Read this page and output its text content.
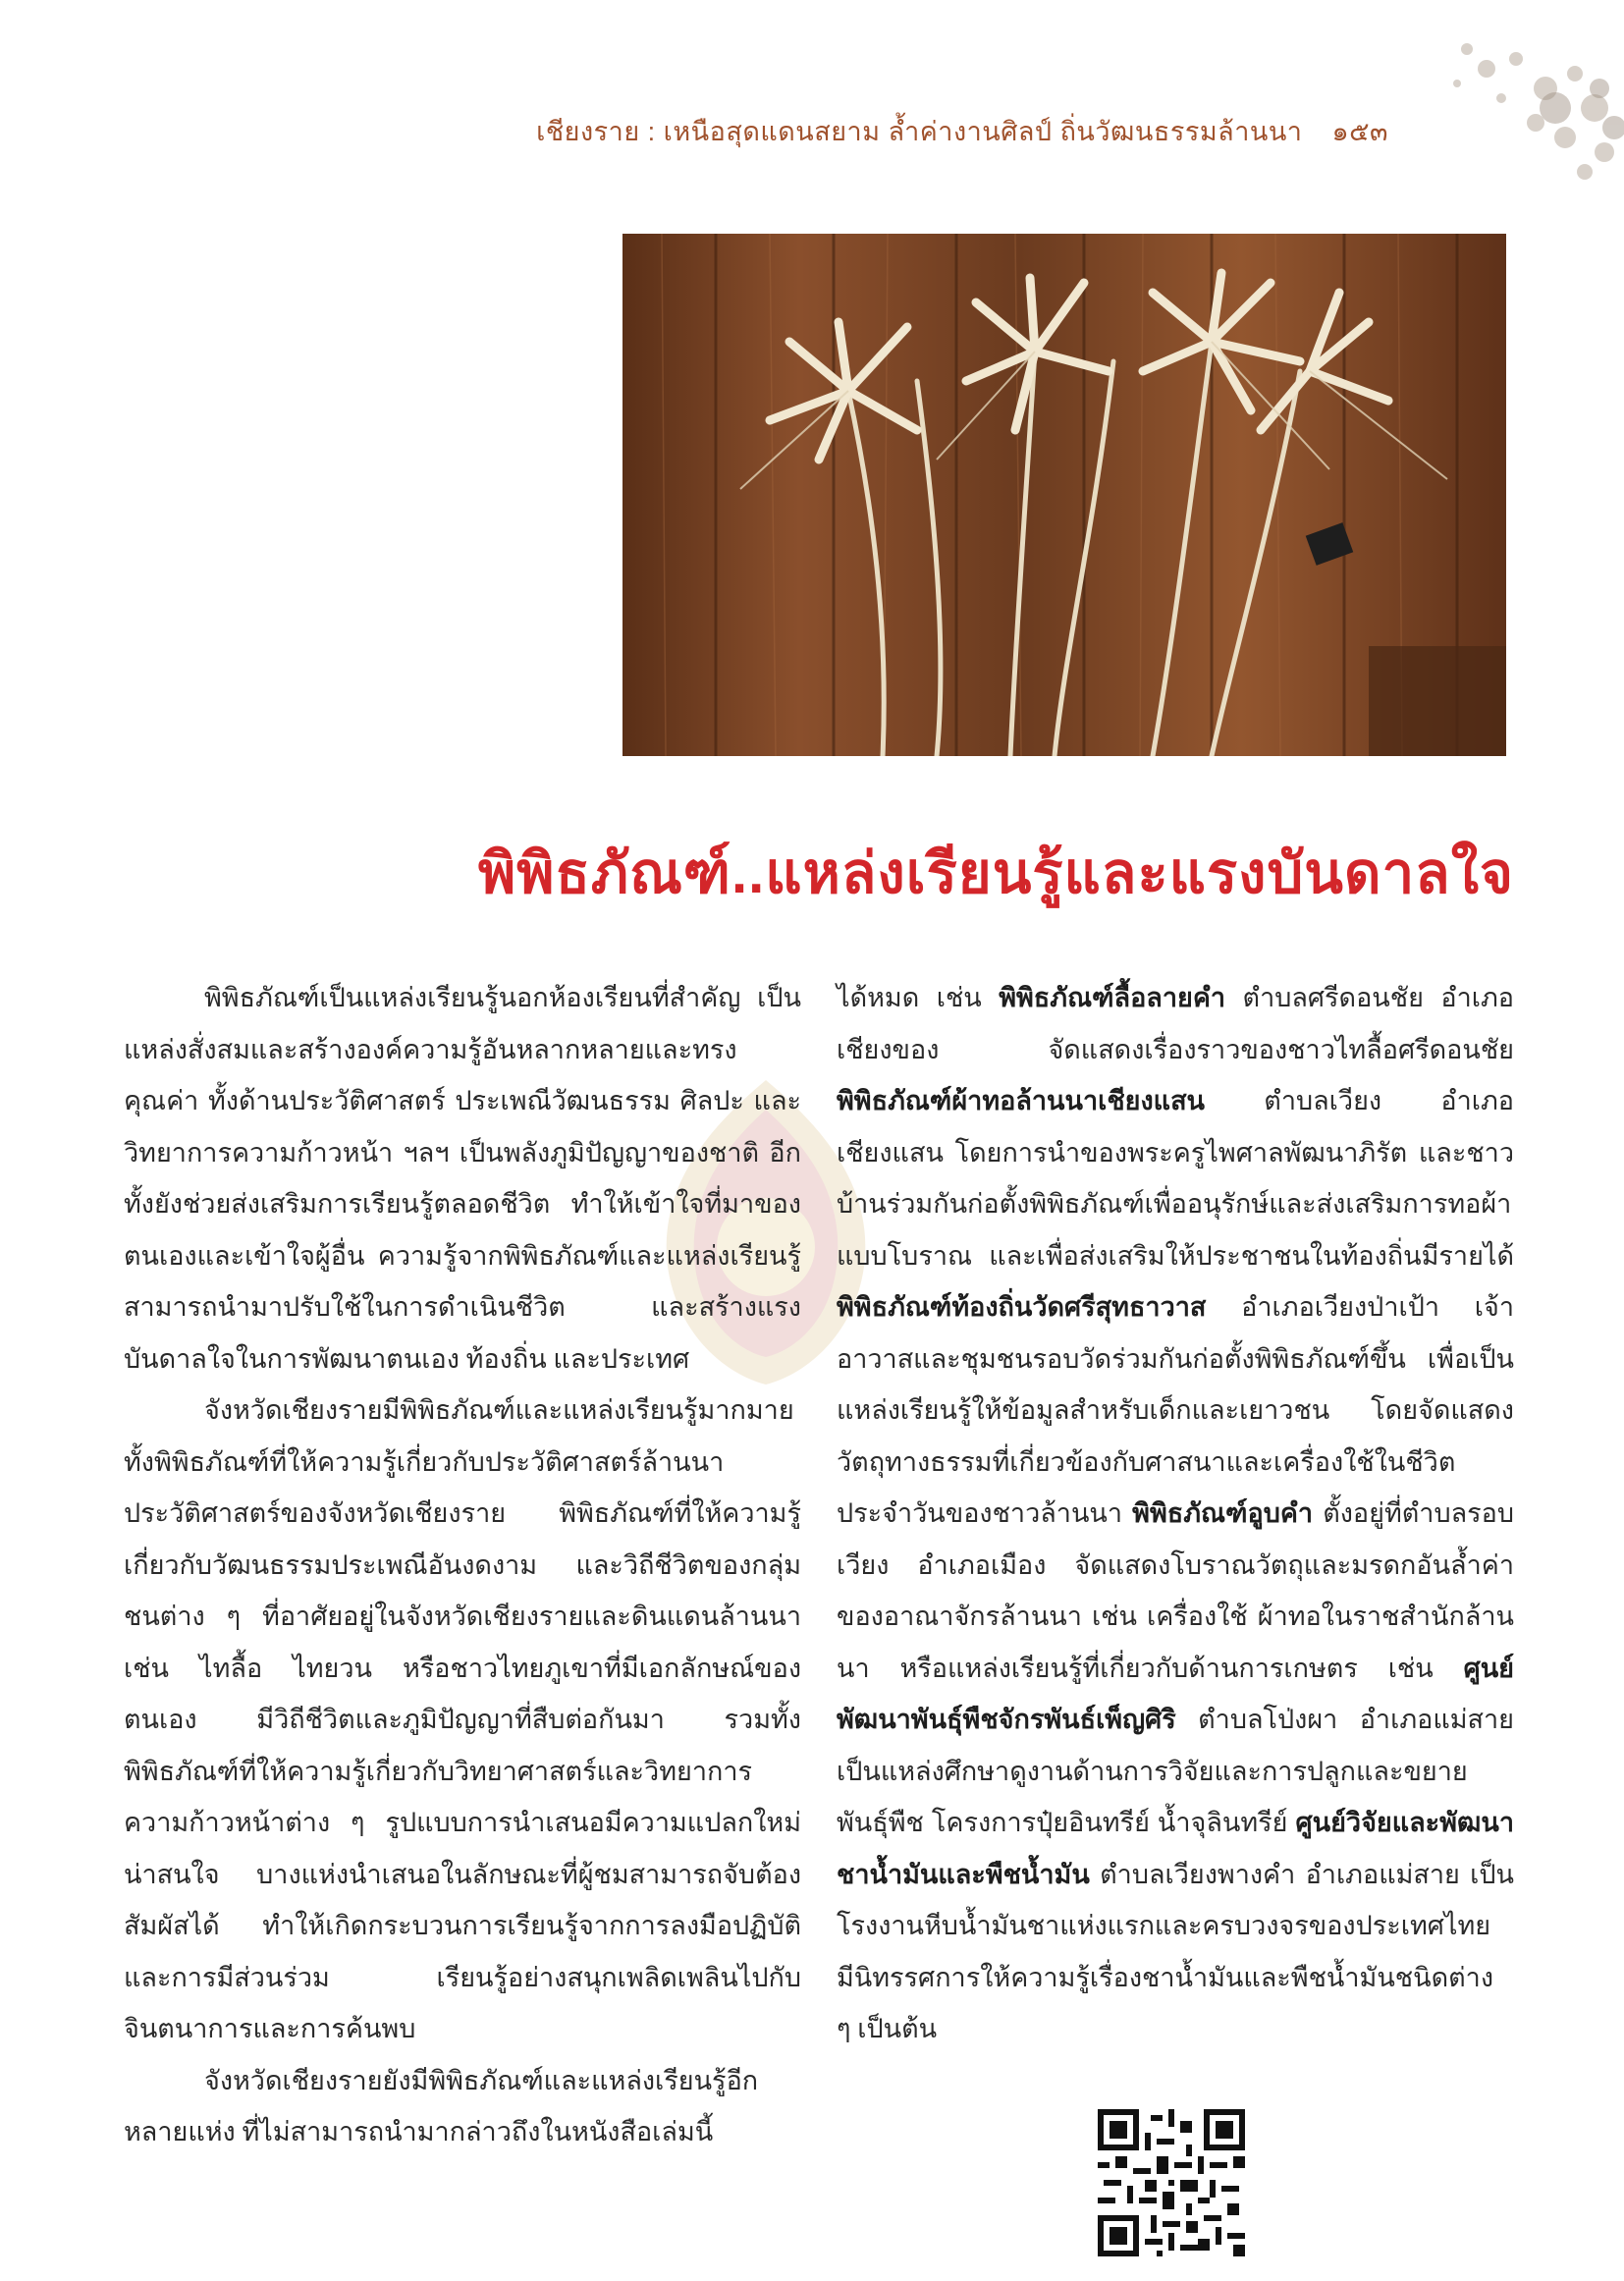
เชียงราย : เหนือสุดแดนสยาม ล้ำค่างานศิลป์ ถิ่นวัฒนธรรมล้านนา ๑๕๓
พิพิธภัณฑ์..แหล่งเรียนรู้และแรงบันดาลใจ

พิพิธภัณฑ์เป็นแหล่งเรียนรู้นอกห้องเรียนที่สำคัญ เป็นแหล่งสั่งสมและสร้างองค์ความรู้อันหลากหลายและทรงคุณค่า ทั้งด้านประวัติศาสตร์ ประเพณีวัฒนธรรม ศิลปะ และวิทยาการความก้าวหน้า ฯลฯ เป็นพลังภูมิปัญญาของชาติ อีกทั้งยังช่วยส่งเสริมการเรียนรู้ตลอดชีวิต ทำให้เข้าใจที่มาของตนเองและเข้าใจผู้อื่น ความรู้จากพิพิธภัณฑ์และแหล่งเรียนรู้สามารถนำมาปรับใช้ในการดำเนินชีวิต และสร้างแรงบันดาลใจในการพัฒนาตนเอง ท้องถิ่น และประเทศ

จังหวัดเชียงรายมีพิพิธภัณฑ์และแหล่งเรียนรู้มากมาย ทั้งพิพิธภัณฑ์ที่ให้ความรู้เกี่ยวกับประวัติศาสตร์ล้านนา ประวัติศาสตร์ของจังหวัดเชียงราย พิพิธภัณฑ์ที่ให้ความรู้เกี่ยวกับวัฒนธรรมประเพณีอันงดงาม และวิถีชีวิตของกลุ่มชนต่าง ๆ ที่อาศัยอยู่ในจังหวัดเชียงรายและดินแดนล้านนา เช่น ไทลื้อ ไทยวน หรือชาวไทยภูเขาที่มีเอกลักษณ์ของตนเอง มีวิถีชีวิตและภูมิปัญญาที่สืบต่อกันมา รวมทั้งพิพิธภัณฑ์ที่ให้ความรู้เกี่ยวกับวิทยาศาสตร์และวิทยาการความก้าวหน้าต่าง ๆ รูปแบบการนำเสนอมีความแปลกใหม่ น่าสนใจ บางแห่งนำเสนอในลักษณะที่ผู้ชมสามารถจับต้องสัมผัสได้ ทำให้เกิดกระบวนการเรียนรู้จากการลงมือปฏิบัติและการมีส่วนร่วม เรียนรู้อย่างสนุกเพลิดเพลินไปกับจินตนาการและการค้นพบ

จังหวัดเชียงรายยังมีพิพิธภัณฑ์และแหล่งเรียนรู้อีกหลายแห่ง ที่ไม่สามารถนำมากล่าวถึงในหนังสือเล่มนี้

ได้หมด เช่น พิพิธภัณฑ์ลื้อลายคำ ตำบลศรีดอนชัย อำเภอเชียงของ จัดแสดงเรื่องราวของชาวไทลื้อศรีดอนชัย พิพิธภัณฑ์ผ้าทอล้านนาเชียงแสน ตำบลเวียง อำเภอเชียงแสน โดยการนำของพระครูไพศาลพัฒนาภิรัต และชาวบ้านร่วมกันก่อตั้งพิพิธภัณฑ์เพื่ออนุรักษ์และส่งเสริมการทอผ้าแบบโบราณ และเพื่อส่งเสริมให้ประชาชนในท้องถิ่นมีรายได้ พิพิธภัณฑ์ท้องถิ่นวัดศรีสุทธาวาส อำเภอเวียงป่าเป้า เจ้าอาวาสและชุมชนรอบวัดร่วมกันก่อตั้งพิพิธภัณฑ์ขึ้น เพื่อเป็นแหล่งเรียนรู้ให้ข้อมูลสำหรับเด็กและเยาวชน โดยจัดแสดงวัตถุทางธรรมที่เกี่ยวข้องกับศาสนาและเครื่องใช้ในชีวิตประจำวันของชาวล้านนา พิพิธภัณฑ์อูบคำ ตั้งอยู่ที่ตำบลรอบเวียง อำเภอเมือง จัดแสดงโบราณวัตถุและมรดกอันล้ำค่าของอาณาจักรล้านนา เช่น เครื่องใช้ ผ้าทอในราชสำนักล้านนา หรือแหล่งเรียนรู้ที่เกี่ยวกับด้านการเกษตร เช่น ศูนย์พัฒนาพันธุ์พืชจักรพันธ์เพ็ญศิริ ตำบลโป่งผา อำเภอแม่สาย เป็นแหล่งศึกษาดูงานด้านการวิจัยและการปลูกและขยายพันธุ์พืช โครงการปุ๋ยอินทรีย์ น้ำจุลินทรีย์ ศูนย์วิจัยและพัฒนาชาน้ำมันและพืชน้ำมัน ตำบลเวียงพางคำ อำเภอแม่สาย เป็นโรงงานหีบน้ำมันชาแห่งแรกและครบวงจรของประเทศไทย มีนิทรรศการให้ความรู้เรื่องชาน้ำมันและพืชน้ำมันชนิดต่าง ๆ เป็นต้น
